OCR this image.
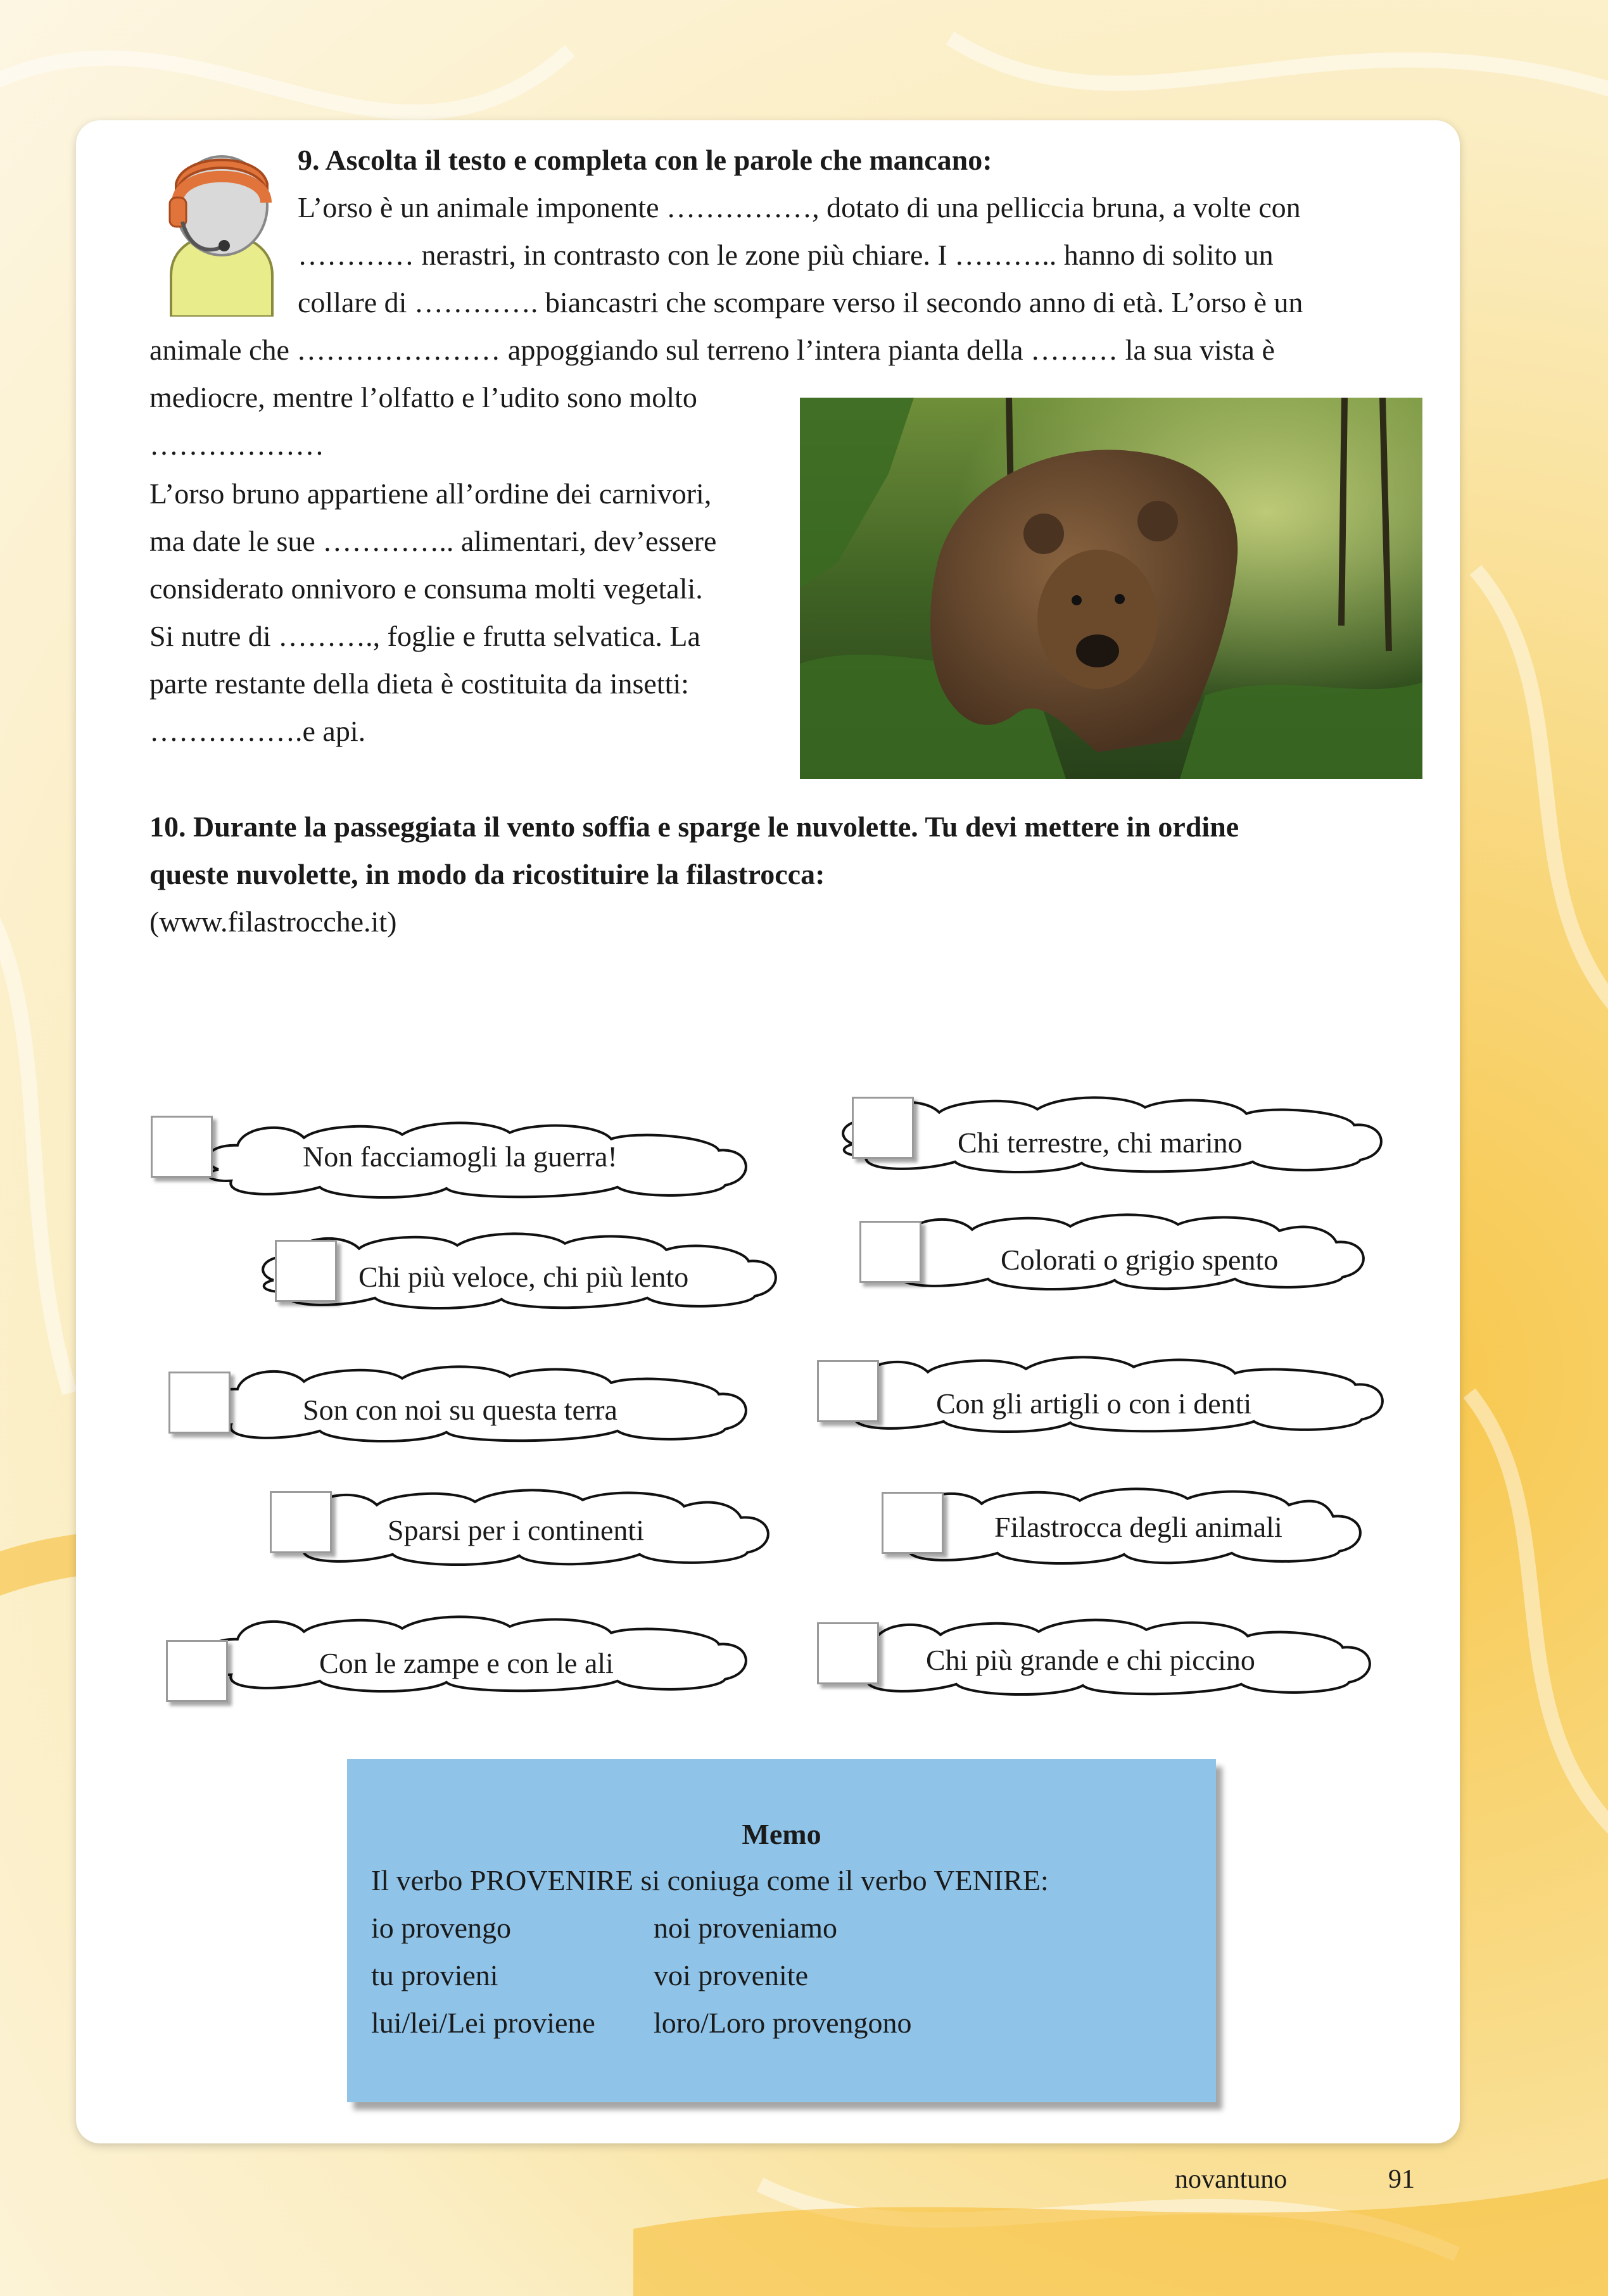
9. Ascolta il testo e completa con le parole che mancano:
L’orso è un animale imponente ……………, dotato di una pelliccia bruna, a volte con
………… nerastri, in contrasto con le zone più chiare. I ……….. hanno di solito un
collare di …………. biancastri che scompare verso il secondo anno di età. L’orso è un
animale che ………………… appoggiando sul terreno l’intera pianta della ……… la sua vista è
mediocre, mentre l’olfatto e l’udito sono molto
………………
L’orso bruno appartiene all’ordine dei carnivori,
ma date le sue ………….. alimentari, dev’essere
considerato onnivoro e consuma molti vegetali.
Si nutre di ………., foglie e frutta selvatica. La
parte restante della dieta è costituita da insetti:
…………….e api.
10. Durante la passeggiata il vento soffia e sparge le nuvolette. Tu devi mettere in ordine
queste nuvolette, in modo da ricostituire la filastrocca:
(www.filastrocche.it)
Non facciamogli la guerra!	Chi terrestre, chi marino
Chi più veloce, chi più lento
Colorati o grigio spento
Son con noi su questa terra	Con gli artigli o con i denti
Sparsi per i continenti	Filastrocca degli animali
Con le zampe e con le ali	Chi più grande e chi piccino
Memo
Il verbo PROVENIRE si coniuga come il verbo VENIRE:
io provengo	noi proveniamo
tu provieni	voi provenite
lui/lei/Lei proviene loro/Loro provengono
novantuno	91
